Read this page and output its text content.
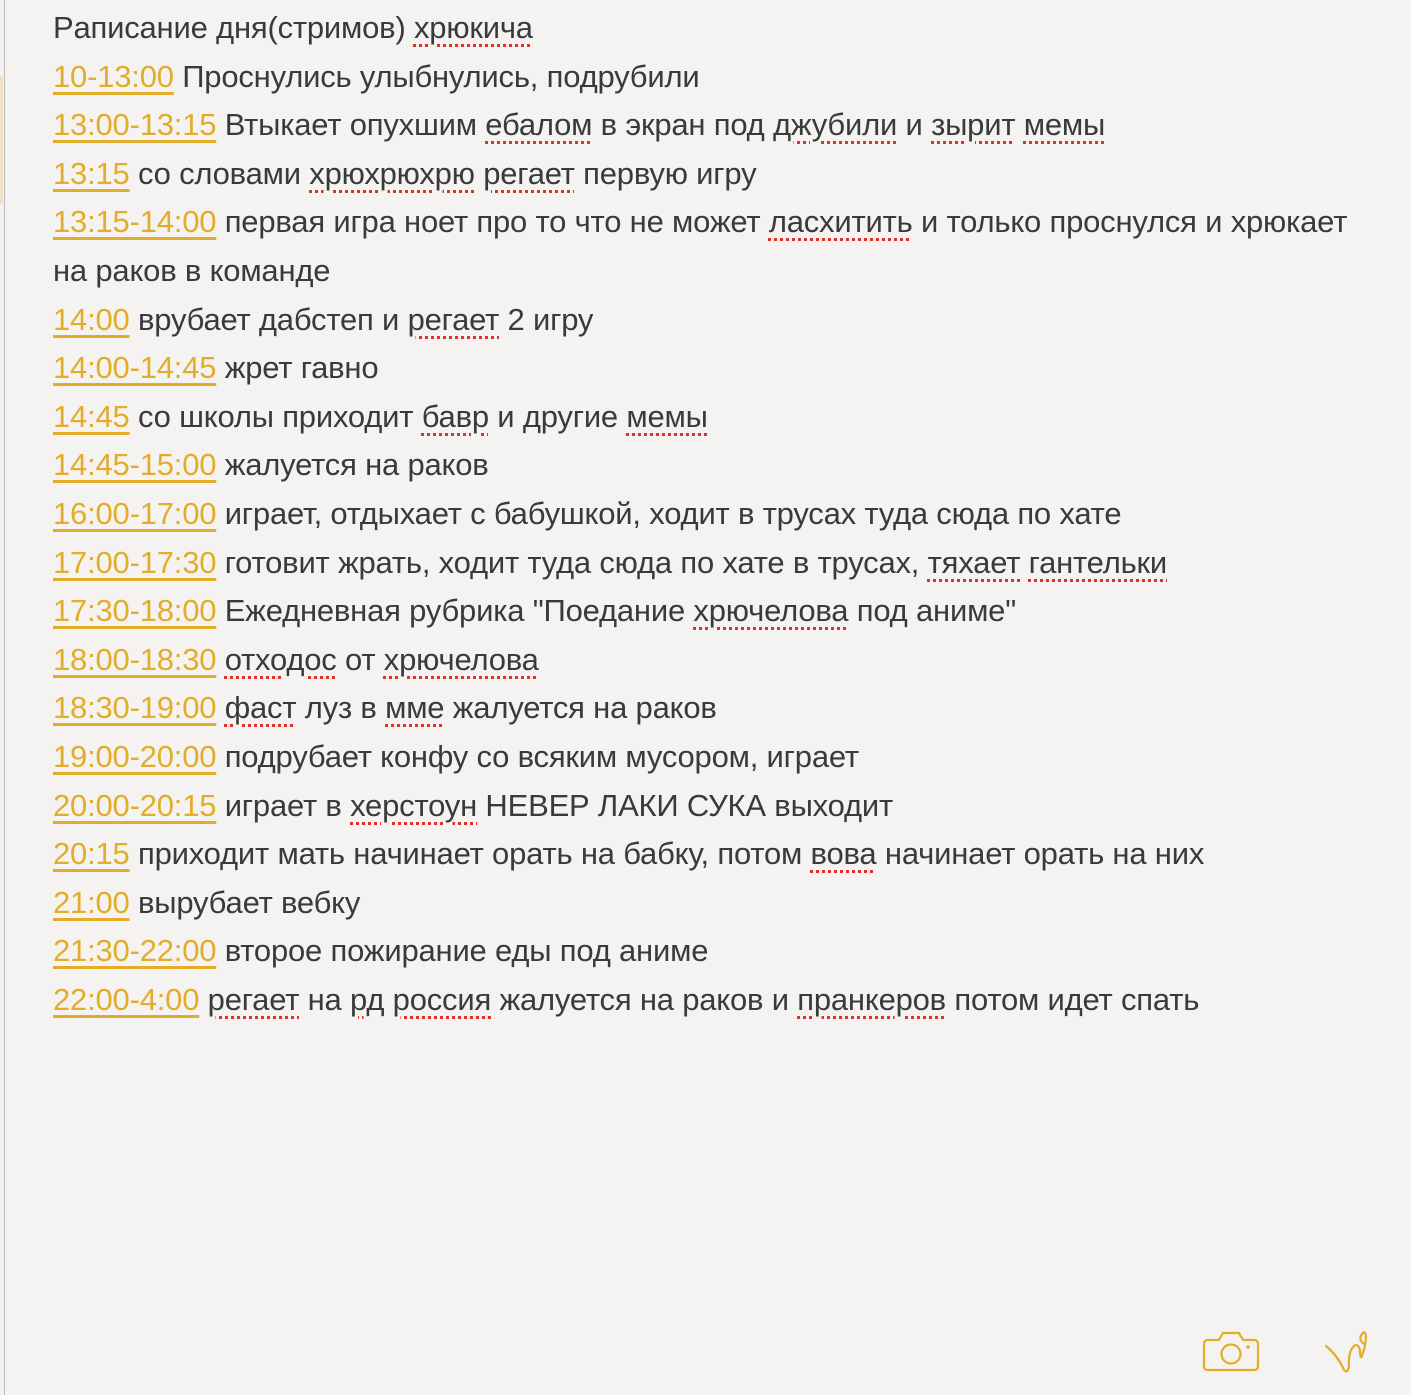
Рaписание дня(стримов) хрюкича
10-13:00 Проснулись улыбнулись, подрубили
13:00-13:15 Втыкает опухшим ебалом в экран под джубили и зырит мемы
13:15 со словами хрюхрюхрю регает первую игру
13:15-14:00 первая игра ноет про то что не может ласхитить и только проснулся и хрюкает на раков в команде
14:00 врубает дабстеп и регает 2 игру
14:00-14:45 жрет гавно
14:45 со школы приходит бавр и другие мемы
14:45-15:00 жалуется на раков
16:00-17:00 играет, отдыхает с бабушкой, ходит в трусах туда сюда по хате
17:00-17:30 готовит жрать, ходит туда сюда по хате в трусах, тяхает гантельки
17:30-18:00 Ежедневная рубрика "Поедание хрючелова под аниме"
18:00-18:30 отходос от хрючелова
18:30-19:00 фаст луз в мме жалуется на раков
19:00-20:00 подрубает конфу со всяким мусором, играет
20:00-20:15 играет в херстоун НЕВЕР ЛАКИ СУКА выходит
20:15 приходит мать начинает орать на бабку, потом вова начинает орать на них
21:00 вырубает вебку
21:30-22:00 второе пожирание еды под аниме
22:00-4:00 регает на рд россия жалуется на раков и пранкеров потом идет спать
